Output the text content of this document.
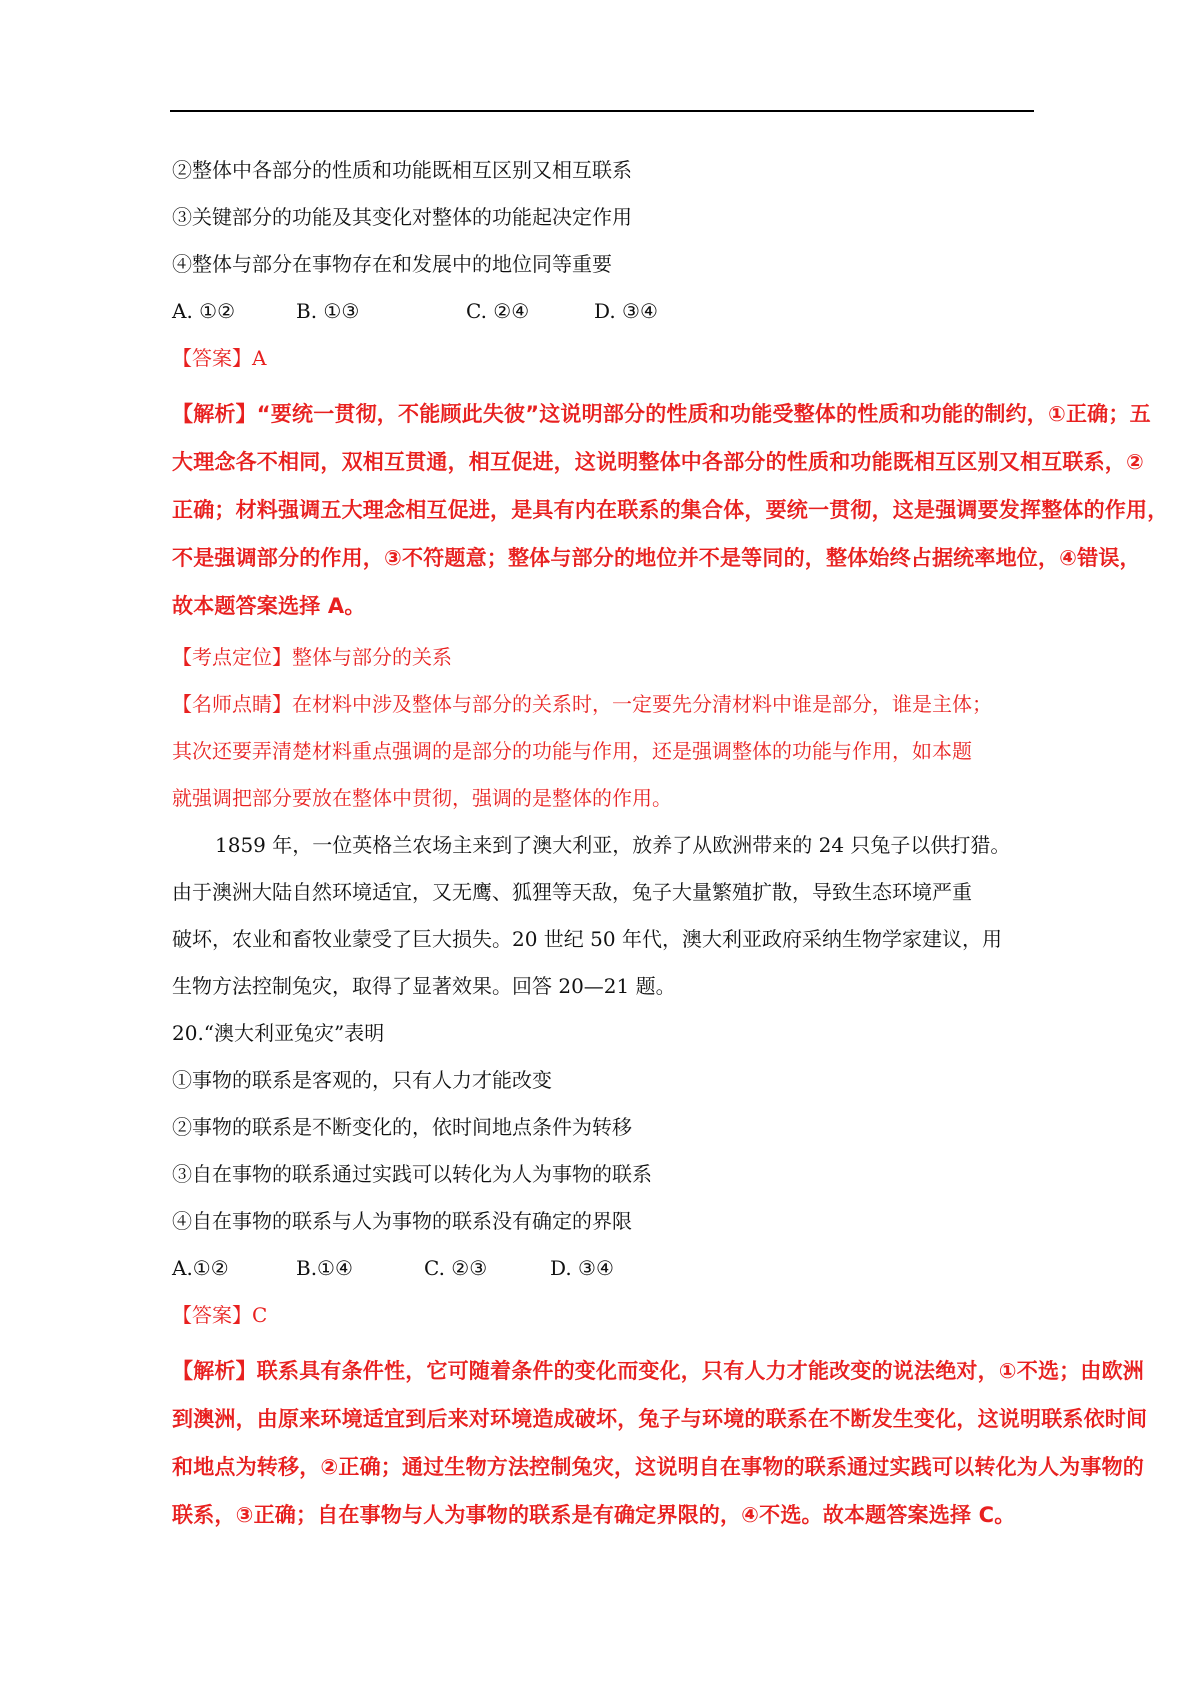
②整体中各部分的性质和功能既相互区别又相互联系
③关键部分的功能及其变化对整体的功能起决定作用
④整体与部分在事物存在和发展中的地位同等重要
A. ①②	B. ①③	C. ②④	D. ③④
【答案】A
【解析】“要统一贯彻，不能顾此失彼”这说明部分的性质和功能受整体的性质和功能的制约，①正确；五
大理念各不相同，双相互贯通，相互促进，这说明整体中各部分的性质和功能既相互区别又相互联系，②
正确；材料强调五大理念相互促进，是具有内在联系的集合体，要统一贯彻，这是强调要发挥整体的作用，
不是强调部分的作用，③不符题意；整体与部分的地位并不是等同的，整体始终占据统率地位，④错误，
故本题答案选择 A。
【考点定位】整体与部分的关系
【名师点睛】在材料中涉及整体与部分的关系时，一定要先分清材料中谁是部分，谁是主体；
其次还要弄清楚材料重点强调的是部分的功能与作用，还是强调整体的功能与作用，如本题
就强调把部分要放在整体中贯彻，强调的是整体的作用。
1859 年，一位英格兰农场主来到了澳大利亚，放养了从欧洲带来的 24 只兔子以供打猎。
由于澳洲大陆自然环境适宜，又无鹰、狐狸等天敌，兔子大量繁殖扩散，导致生态环境严重
破坏，农业和畜牧业蒙受了巨大损失。20 世纪 50 年代，澳大利亚政府采纳生物学家建议，用
生物方法控制兔灾，取得了显著效果。回答 20—21 题。
20.“澳大利亚兔灾”表明
①事物的联系是客观的，只有人力才能改变
②事物的联系是不断变化的，依时间地点条件为转移
③自在事物的联系通过实践可以转化为人为事物的联系
④自在事物的联系与人为事物的联系没有确定的界限
A.①②	B.①④	C. ②③	D. ③④
【答案】C
【解析】联系具有条件性，它可随着条件的变化而变化，只有人力才能改变的说法绝对，①不选；由欧洲
到澳洲，由原来环境适宜到后来对环境造成破坏，兔子与环境的联系在不断发生变化，这说明联系依时间
和地点为转移，②正确；通过生物方法控制兔灾，这说明自在事物的联系通过实践可以转化为人为事物的
联系，③正确；自在事物与人为事物的联系是有确定界限的，④不选。故本题答案选择 C。
